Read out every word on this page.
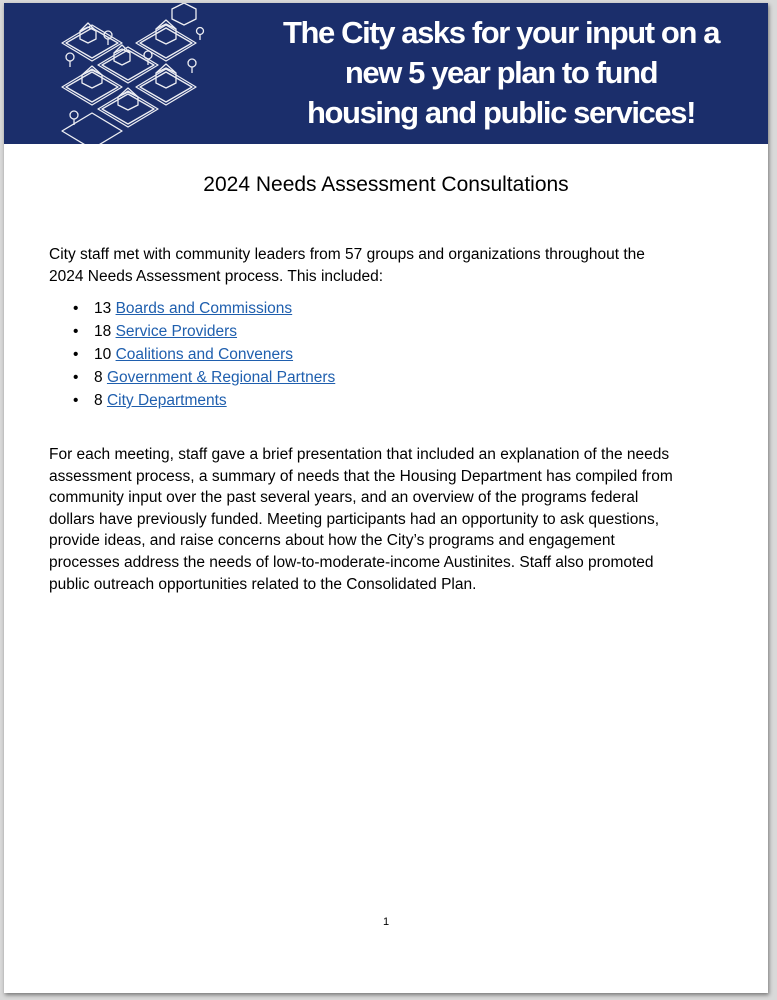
The City asks for your input on a
new 5 year plan to fund
housing and public services!
2024 Needs Assessment Consultations

City staff met with community leaders from 57 groups and organizations throughout the
2024 Needs Assessment process. This included:

• 13 Boards and Commissions
• 18 Service Providers
• 10 Coalitions and Conveners
• 8 Government & Regional Partners
• 8 City Departments

For each meeting, staff gave a brief presentation that included an explanation of the needs
assessment process, a summary of needs that the Housing Department has compiled from
community input over the past several years, and an overview of the programs federal
dollars have previously funded. Meeting participants had an opportunity to ask questions,
provide ideas, and raise concerns about how the City’s programs and engagement
processes address the needs of low-to-moderate-income Austinites. Staff also promoted
public outreach opportunities related to the Consolidated Plan.

1
